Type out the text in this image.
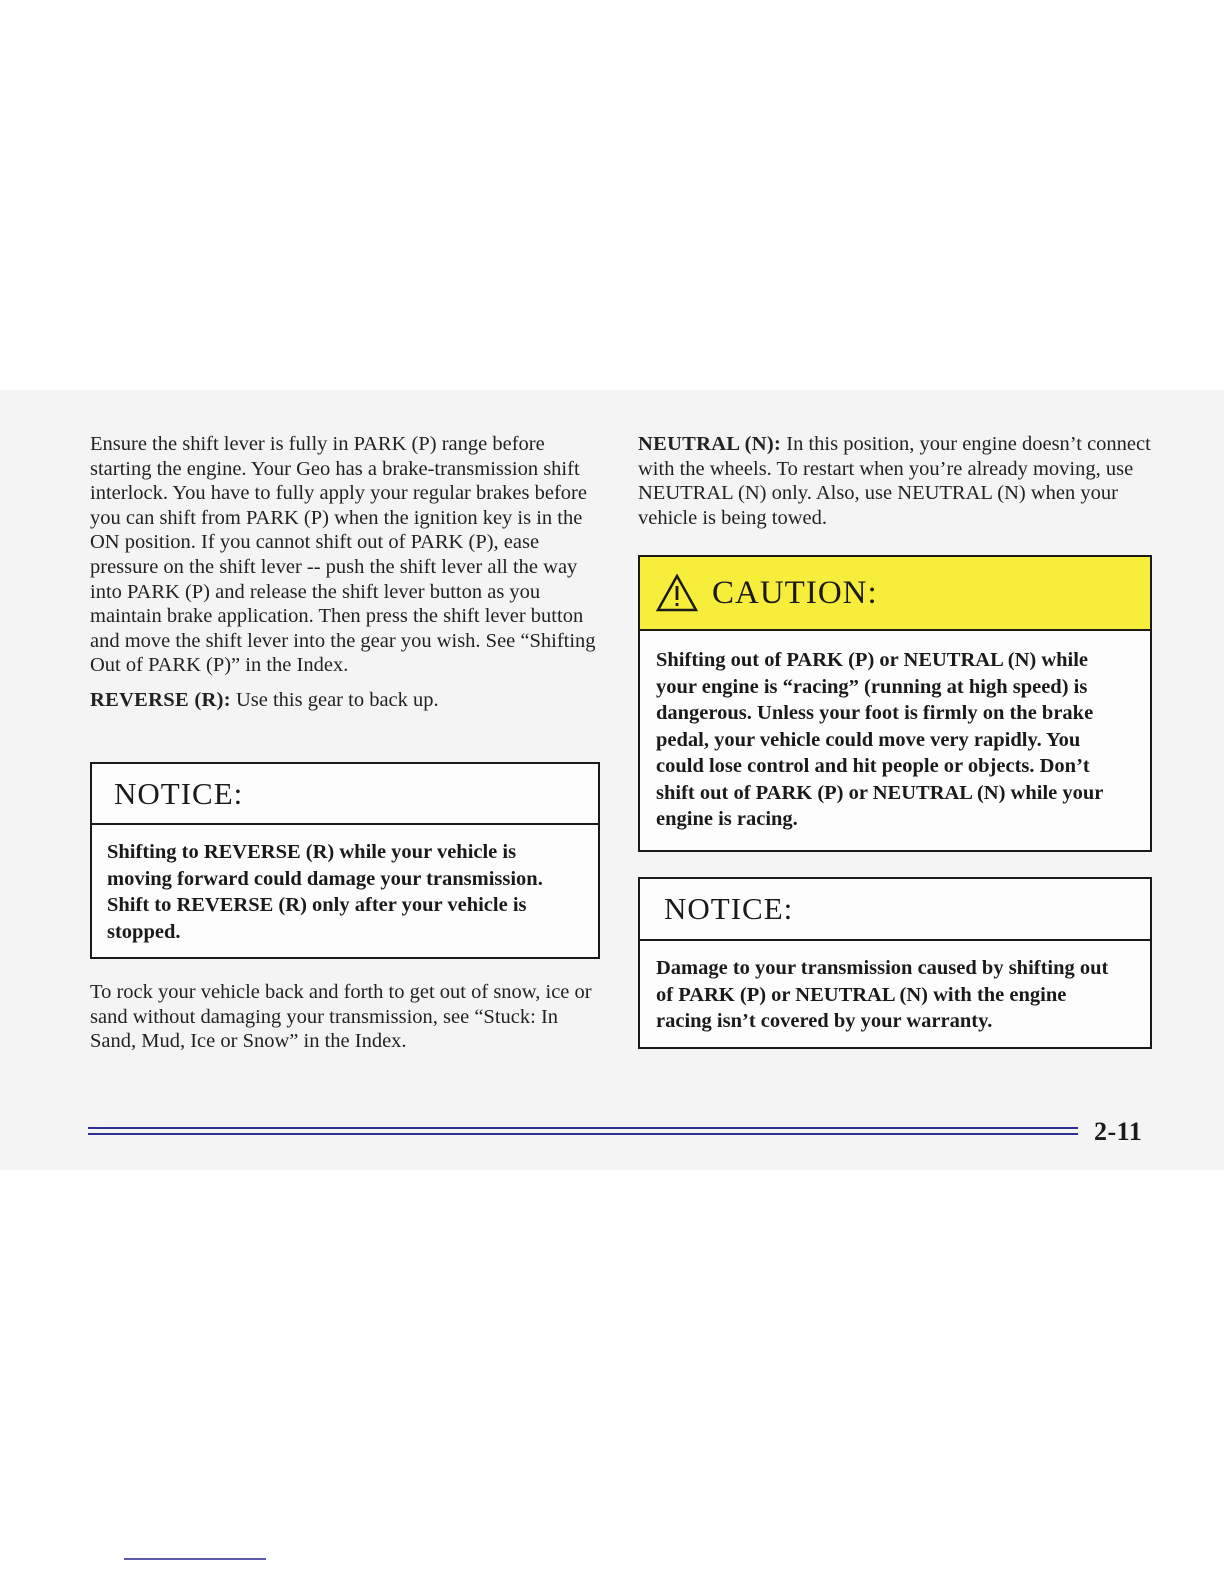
Ensure the shift lever is fully in PARK (P) range before starting the engine. Your Geo has a brake-transmission shift interlock. You have to fully apply your regular brakes before you can shift from PARK (P) when the ignition key is in the ON position. If you cannot shift out of PARK (P), ease pressure on the shift lever -- push the shift lever all the way into PARK (P) and release the shift lever button as you maintain brake application. Then press the shift lever button and move the shift lever into the gear you wish. See “Shifting Out of PARK (P)” in the Index.

REVERSE (R): Use this gear to back up.

NOTICE:
Shifting to REVERSE (R) while your vehicle is moving forward could damage your transmission. Shift to REVERSE (R) only after your vehicle is stopped.

To rock your vehicle back and forth to get out of snow, ice or sand without damaging your transmission, see “Stuck: In Sand, Mud, Ice or Snow” in the Index.

NEUTRAL (N): In this position, your engine doesn’t connect with the wheels. To restart when you’re already moving, use NEUTRAL (N) only. Also, use NEUTRAL (N) when your vehicle is being towed.

CAUTION:
Shifting out of PARK (P) or NEUTRAL (N) while your engine is “racing” (running at high speed) is dangerous. Unless your foot is firmly on the brake pedal, your vehicle could move very rapidly. You could lose control and hit people or objects. Don’t shift out of PARK (P) or NEUTRAL (N) while your engine is racing.
NOTICE:
Damage to your transmission caused by shifting out of PARK (P) or NEUTRAL (N) with the engine racing isn’t covered by your warranty.
2-11
